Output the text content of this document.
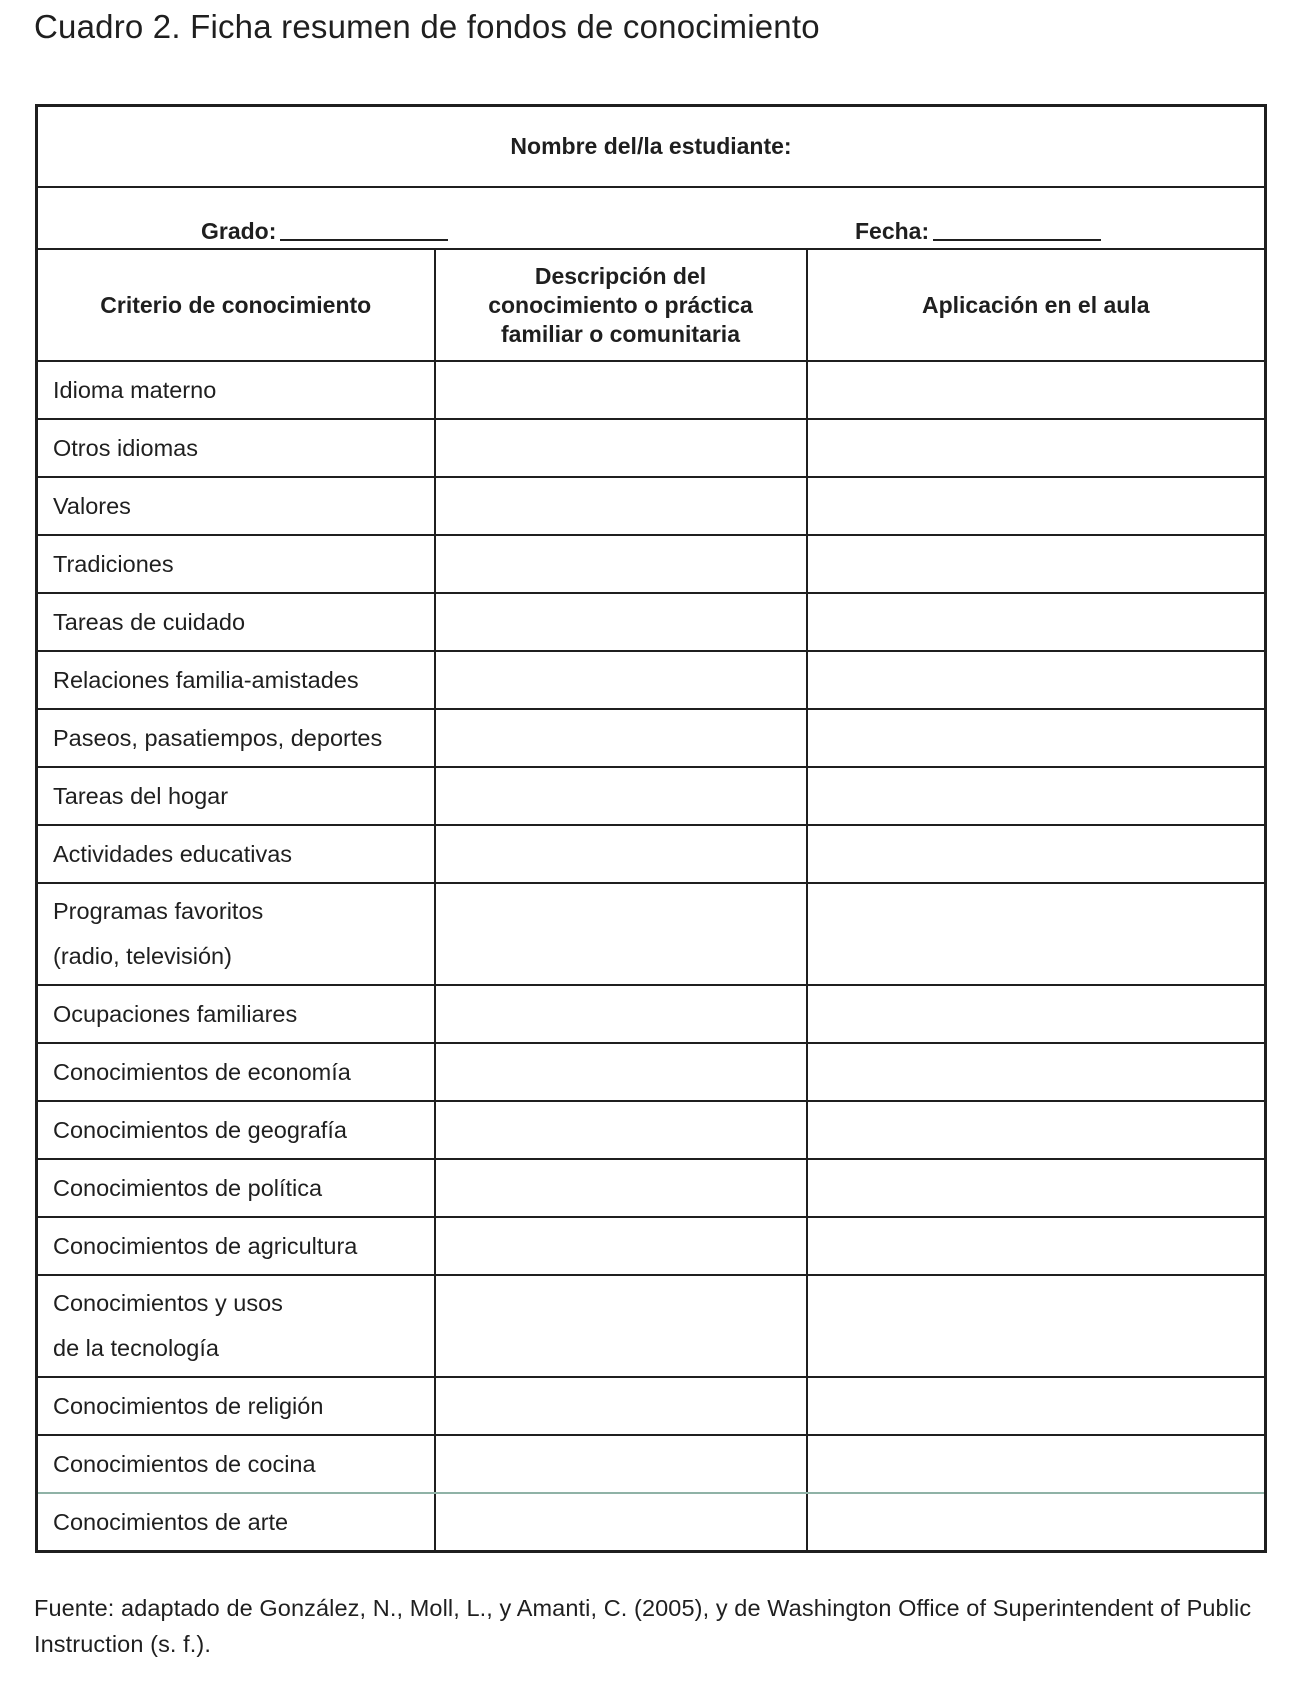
Cuadro 2. Ficha resumen de fondos de conocimiento
Nombre del/la estudiante:		

Grado: Fecha:		

Criterio de conocimiento	Descripción del conocimiento o práctica familiar o comunitaria	Aplicación en el aula

Idioma materno		

Otros idiomas		

Valores		

Tradiciones		

Tareas de cuidado		

Relaciones familia-amistades		

Paseos, pasatiempos, deportes		

Tareas del hogar		

Actividades educativas		

Programas favoritos
(radio, televisión)		

Ocupaciones familiares		

Conocimientos de economía		

Conocimientos de geografía		

Conocimientos de política		

Conocimientos de agricultura		

Conocimientos y usos
de la tecnología		

Conocimientos de religión		

Conocimientos de cocina		

Conocimientos de arte		

Fuente: adaptado de González, N., Moll, L., y Amanti, C. (2005), y de Washington Office of Superintendent of Public Instruction (s. f.).
